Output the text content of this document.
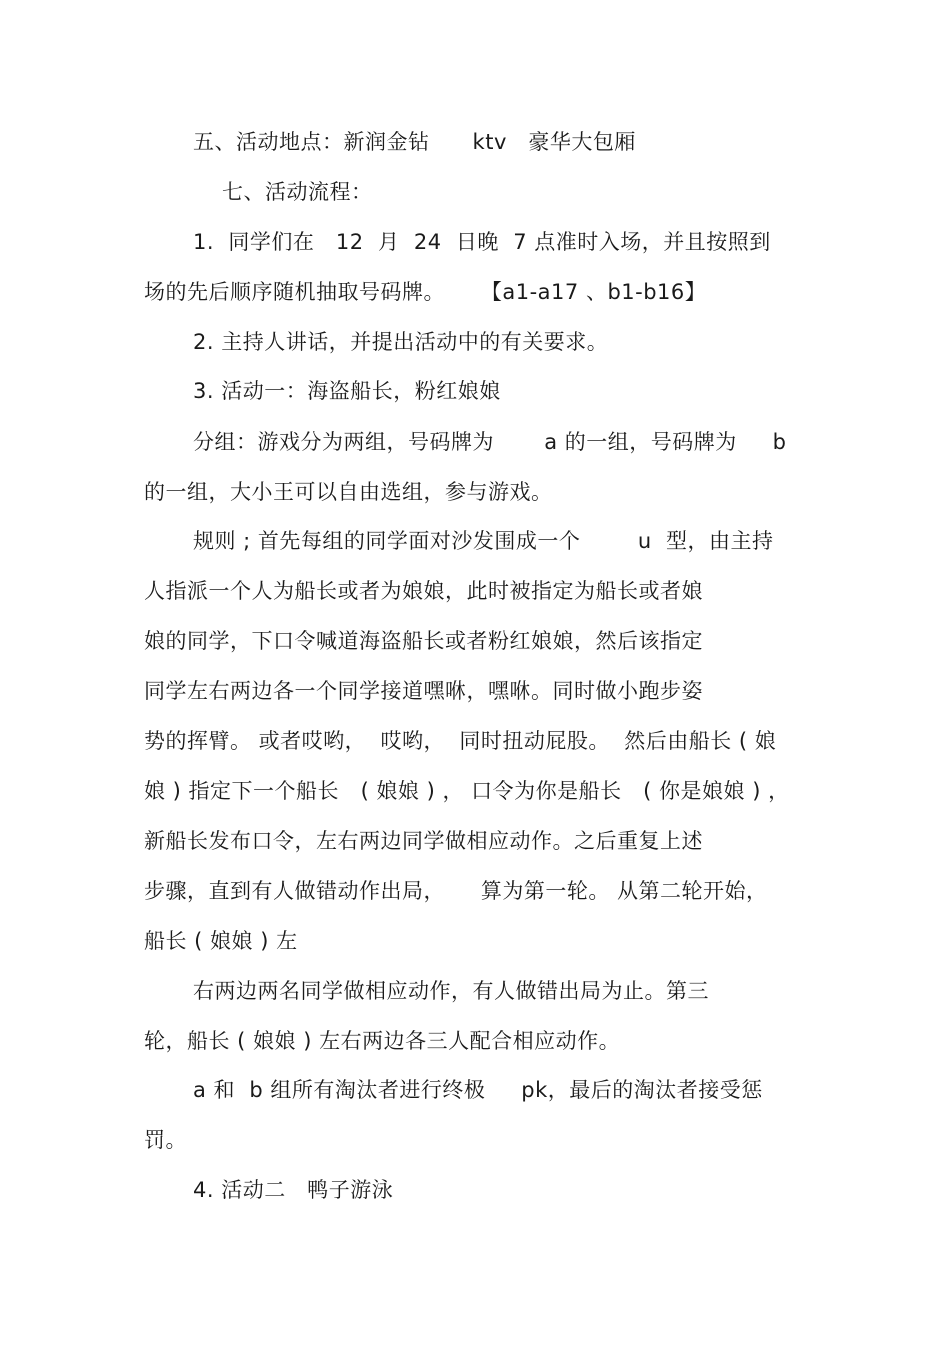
五、活动地点：新润金钻      ktv   豪华大包厢
七、活动流程：
1.  同学们在   12  月  24  日晚  7 点准时入场，并且按照到
场的先后顺序随机抽取号码牌。     【a1-a17 、b1-b16】
2. 主持人讲话，并提出活动中的有关要求。
3. 活动一：海盗船长，粉红娘娘
分组：游戏分为两组，号码牌为       a 的一组，号码牌为     b
的一组，大小王可以自由选组，参与游戏。
规则 ; 首先每组的同学面对沙发围成一个        u  型，由主持
人指派一个人为船长或者为娘娘，此时被指定为船长或者娘
娘的同学，下口令喊道海盗船长或者粉红娘娘，然后该指定
同学左右两边各一个同学接道嘿咻，嘿咻。同时做小跑步姿
势的挥臂。 或者哎哟，  哎哟，  同时扭动屁股。  然后由船长 ( 娘
娘 ) 指定下一个船长   ( 娘娘 ) ， 口令为你是船长   ( 你是娘娘 ) ，
新船长发布口令，左右两边同学做相应动作。之后重复上述
步骤，直到有人做错动作出局，     算为第一轮。 从第二轮开始，
船长 ( 娘娘 ) 左
右两边两名同学做相应动作，有人做错出局为止。第三
轮，船长 ( 娘娘 ) 左右两边各三人配合相应动作。
a 和  b 组所有淘汰者进行终极     pk，最后的淘汰者接受惩
罚。
4. 活动二   鸭子游泳
